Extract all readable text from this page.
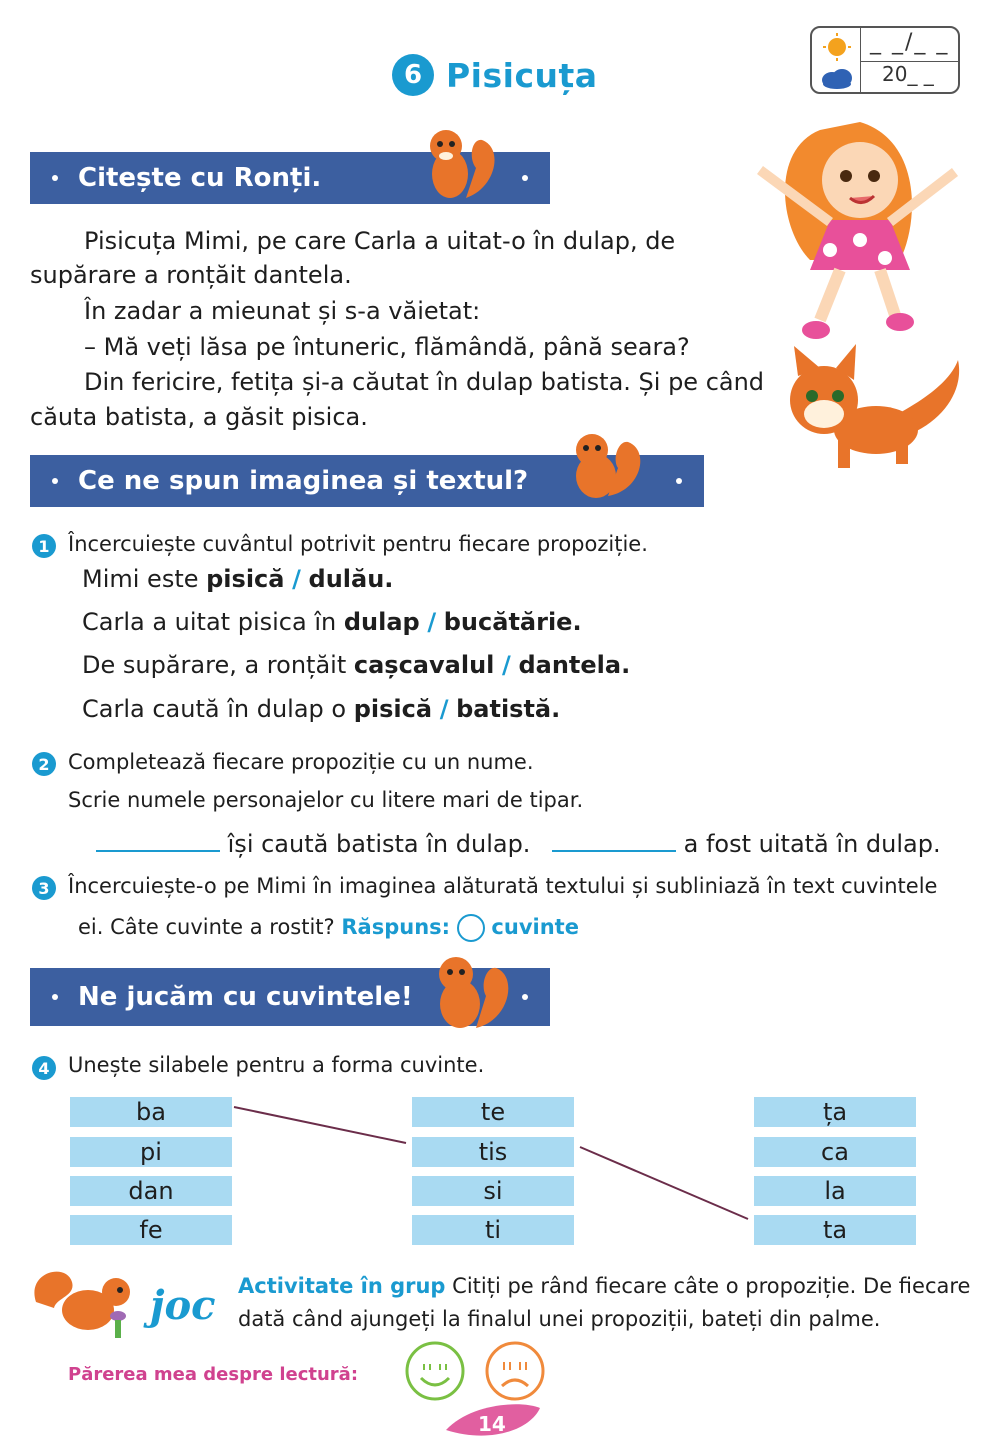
6 Pisicuța
_ _/_ _
20_ _
Citește cu Ronți.
Pisicuța Mimi, pe care Carla a uitat-o în dulap, de
supărare a ronțăit dantela.
În zadar a mieunat și s-a văietat:
– Mă veți lăsa pe întuneric, flămândă, până seara?
Din fericire, fetița și-a căutat în dulap batista. Și pe când
căuta batista, a găsit pisica.
Ce ne spun imaginea și textul?
1 Încercuiește cuvântul potrivit pentru fiecare propoziție.
Mimi este pisică / dulău.
Carla a uitat pisica în dulap / bucătărie.
De supărare, a ronțăit cașcavalul / dantela.
Carla caută în dulap o pisică / batistă.
2 Completează fiecare propoziție cu un nume.
Scrie numele personajelor cu litere mari de tipar.
își caută batista în dulap.	a fost uitată în dulap.
3 Încercuiește-o pe Mimi în imaginea alăturată textului și subliniază în text cuvintele
ei. Câte cuvinte a rostit? Răspuns: cuvinte
Ne jucăm cu cuvintele!
4 Unește silabele pentru a forma cuvinte.
ba
pi
dan
fe
te
tis
si
ti
ța
ca
la
ta
joc Activitate în grup Citiți pe rând fiecare câte o propoziție. De fiecare
dată când ajungeți la finalul unei propoziții, bateți din palme.
Părerea mea despre lectură:
14
